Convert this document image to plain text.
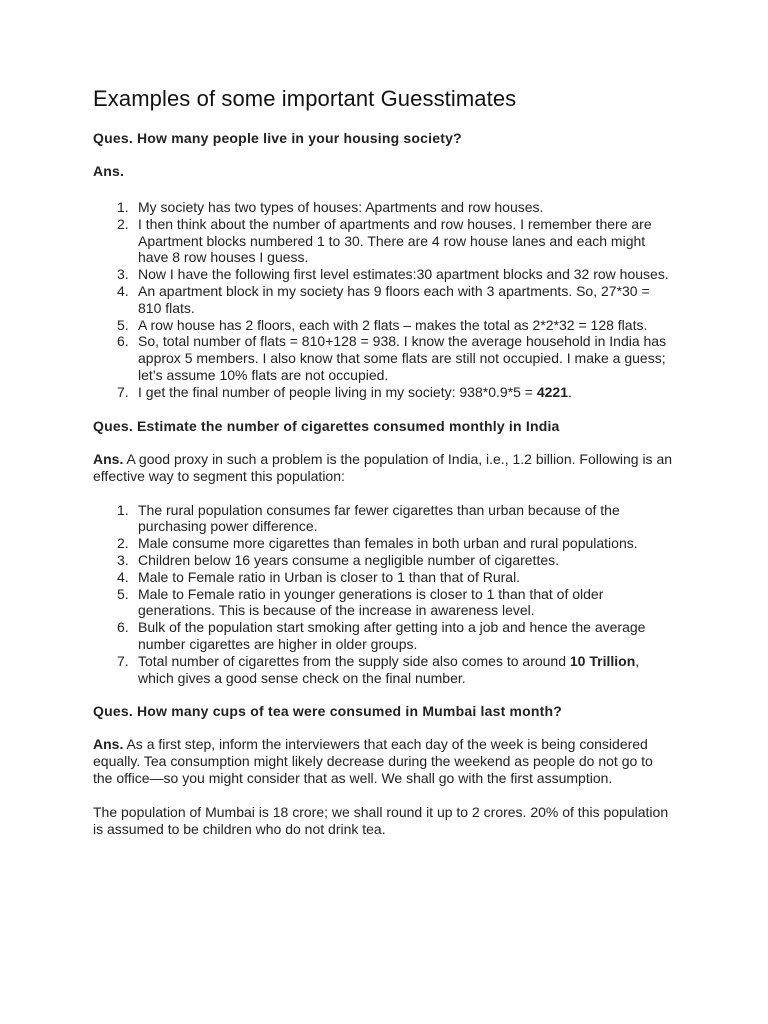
Examples of some important Guesstimates
Ques. How many people live in your housing society?
Ans.
My society has two types of houses: Apartments and row houses.
I then think about the number of apartments and row houses. I remember there are Apartment blocks numbered 1 to 30. There are 4 row house lanes and each might have 8 row houses I guess.
Now I have the following first level estimates:30 apartment blocks and 32 row houses.
An apartment block in my society has 9 floors each with 3 apartments. So, 27*30 = 810 flats.
A row house has 2 floors, each with 2 flats – makes the total as 2*2*32 = 128 flats.
So, total number of flats = 810+128 = 938. I know the average household in India has approx 5 members. I also know that some flats are still not occupied. I make a guess; let’s assume 10% flats are not occupied.
I get the final number of people living in my society: 938*0.9*5 = 4221.
Ques. Estimate the number of cigarettes consumed monthly in India

Ans. A good proxy in such a problem is the population of India, i.e., 1.2 billion. Following is an effective way to segment this population:

The rural population consumes far fewer cigarettes than urban because of the purchasing power difference.
Male consume more cigarettes than females in both urban and rural populations.
Children below 16 years consume a negligible number of cigarettes.
Male to Female ratio in Urban is closer to 1 than that of Rural.
Male to Female ratio in younger generations is closer to 1 than that of older generations. This is because of the increase in awareness level.
Bulk of the population start smoking after getting into a job and hence the average number cigarettes are higher in older groups.
Total number of cigarettes from the supply side also comes to around 10 Trillion, which gives a good sense check on the final number.
Ques. How many cups of tea were consumed in Mumbai last month?

Ans. As a first step, inform the interviewers that each day of the week is being considered equally. Tea consumption might likely decrease during the weekend as people do not go to the office—so you might consider that as well. We shall go with the first assumption.

The population of Mumbai is 18 crore; we shall round it up to 2 crores. 20% of this population is assumed to be children who do not drink tea.
